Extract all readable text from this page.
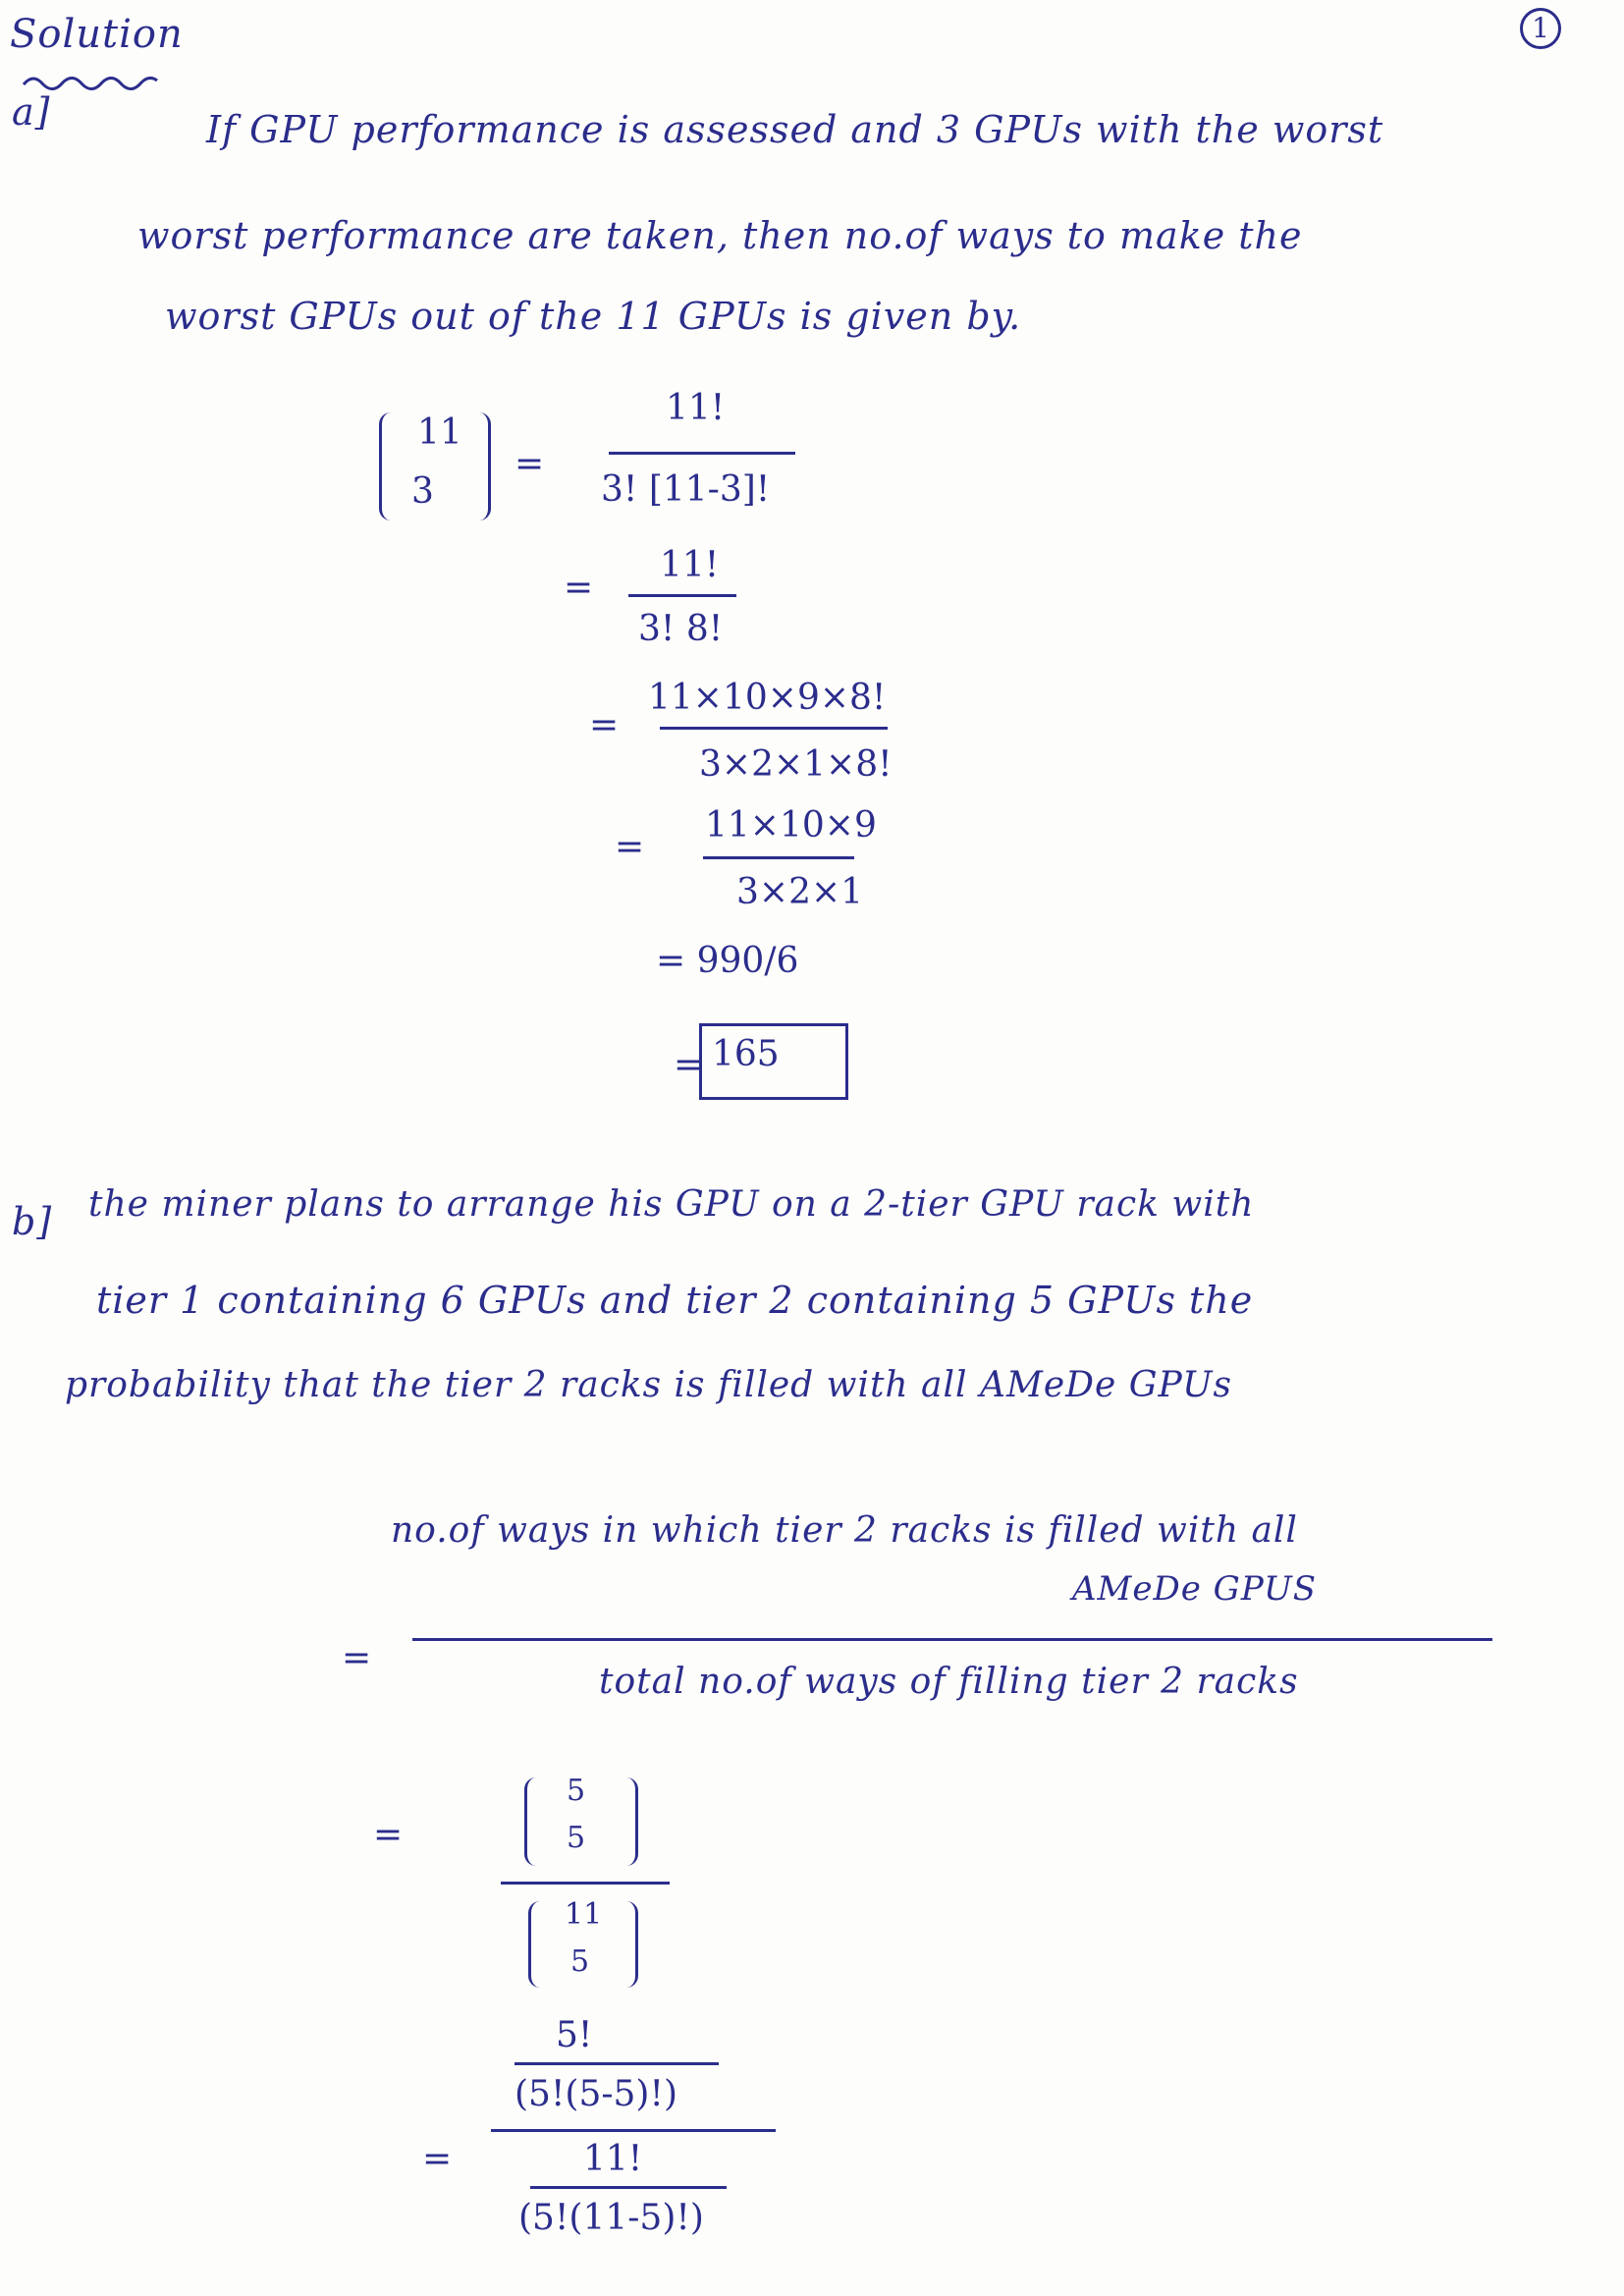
Solution	1
a]	If GPU performance is assessed and 3 GPUs with the worst
worst performance are taken, then no.of ways to make the
worst GPUs out of the 11 GPUs is given by.
11
3
=
11!
3! [11-3]!
=
11!
3! 8!
=
11×10×9×8!
3×2×1×8!
=
11×10×9
3×2×1
= 990/6
= 165
b] the miner plans to arrange his GPU on a 2-tier GPU rack with
tier 1 containing 6 GPUs and tier 2 containing 5 GPUs the
probability that the tier 2 racks is filled with all AMeDe GPUs
=
no.of ways in which tier 2 racks is filled with all
AMeDe GPUS
total no.of ways of filling tier 2 racks
=
5
5
11
5
5!
(5!(5-5)!)
=	11!
(5!(11-5)!)
